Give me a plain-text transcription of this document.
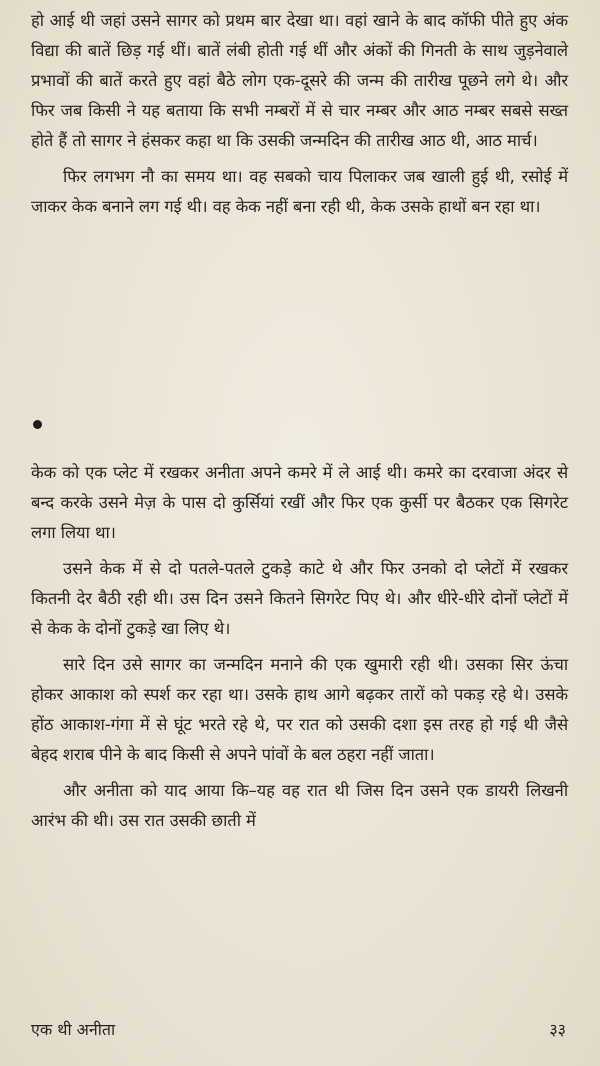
हो आई थी जहां उसने सागर को प्रथम बार देखा था। वहां खाने के बाद कॉफी पीते हुए अंक विद्या की बातें छिड़ गई थीं। बातें लंबी होती गई थीं और अंकों की गिनती के साथ जुड़नेवाले प्रभावों की बातें करते हुए वहां बैठे लोग एक-दूसरे की जन्म की तारीख पूछने लगे थे। और फिर जब किसी ने यह बताया कि सभी नम्बरों में से चार नम्बर और आठ नम्बर सबसे सख्त होते हैं तो सागर ने हंसकर कहा था कि उसकी जन्मदिन की तारीख आठ थी, आठ मार्च।

फिर लगभग नौ का समय था। वह सबको चाय पिलाकर जब खाली हुई थी, रसोई में जाकर केक बनाने लग गई थी। वह केक नहीं बना रही थी, केक उसके हाथों बन रहा था।

केक को एक प्लेट में रखकर अनीता अपने कमरे में ले आई थी। कमरे का दरवाजा अंदर से बन्द करके उसने मेज़ के पास दो कुर्सियां रखीं और फिर एक कुर्सी पर बैठकर एक सिगरेट लगा लिया था।

उसने केक में से दो पतले-पतले टुकड़े काटे थे और फिर उनको दो प्लेटों में रखकर कितनी देर बैठी रही थी। उस दिन उसने कितने सिगरेट पिए थे। और धीरे-धीरे दोनों प्लेटों में से केक के दोनों टुकड़े खा लिए थे।

सारे दिन उसे सागर का जन्मदिन मनाने की एक खुमारी रही थी। उसका सिर ऊंचा होकर आकाश को स्पर्श कर रहा था। उसके हाथ आगे बढ़कर तारों को पकड़ रहे थे। उसके होंठ आकाश-गंगा में से घूंट भरते रहे थे, पर रात को उसकी दशा इस तरह हो गई थी जैसे बेहद शराब पीने के बाद किसी से अपने पांवों के बल ठहरा नहीं जाता।

और अनीता को याद आया कि–यह वह रात थी जिस दिन उसने एक डायरी लिखनी आरंभ की थी। उस रात उसकी छाती में

एक थी अनीता	३३
